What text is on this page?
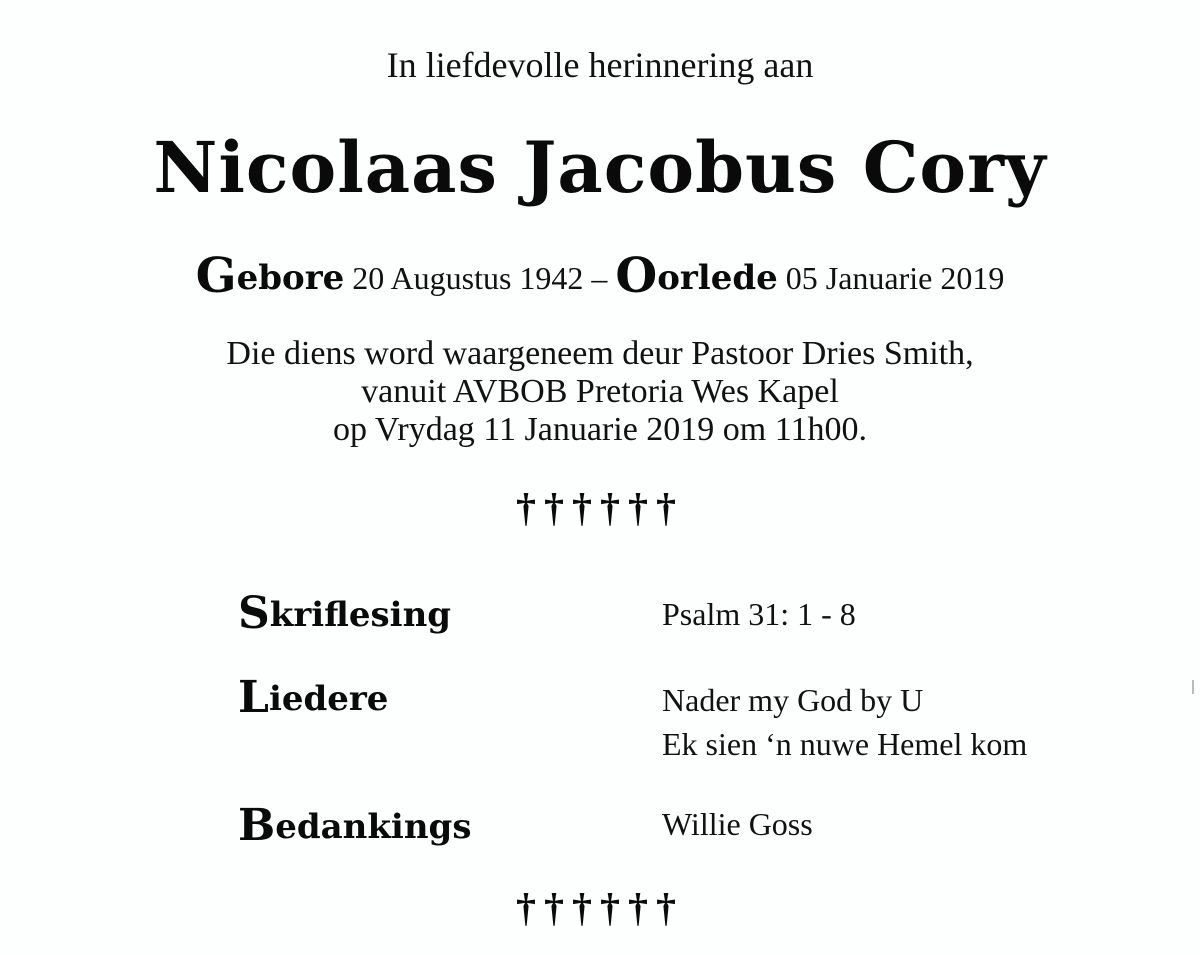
In liefdevolle herinnering aan
Nicolaas Jacobus Cory
Gebore 20 Augustus 1942 – Oorlede 05 Januarie 2019
Die diens word waargeneem deur Pastoor Dries Smith,
vanuit AVBOB Pretoria Wes Kapel
op Vrydag 11 Januarie 2019 om 11h00.
††††††
Skriflesing	Psalm 31: 1 - 8
Liedere	Nader my God by U
Ek sien ‘n nuwe Hemel kom
Bedankings	Willie Goss
††††††
